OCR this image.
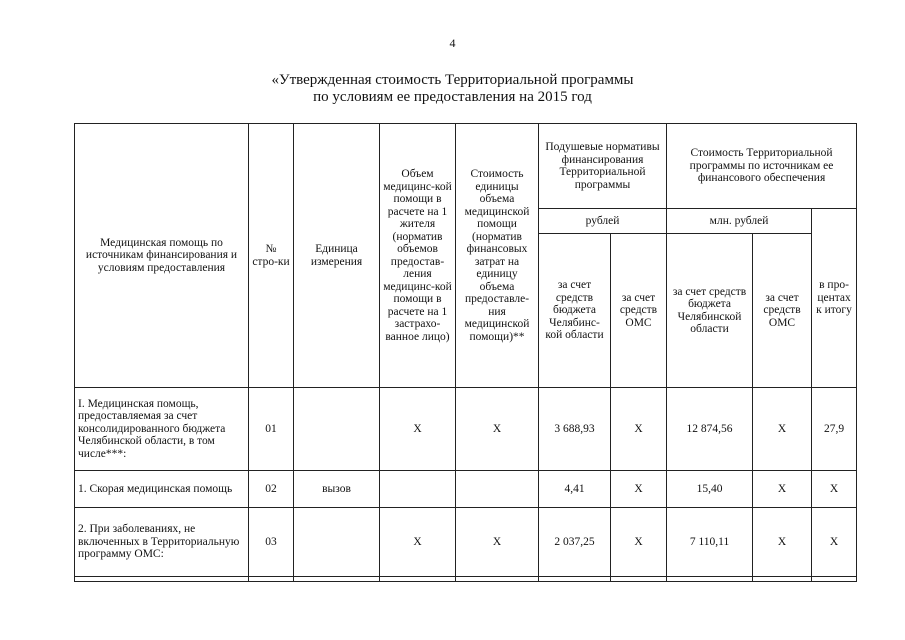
4
«Утвержденная стоимость Территориальной программы
по условиям ее предоставления на 2015 год
Медицинская помощь по источникам финансирования и условиям предоставления	№ стро-ки	Единица измерения	Объем медицинс-кой помощи в расчете на 1 жителя (норматив объемов предостав-ления медицинс-кой помощи в расчете на 1 застрахо-ванное лицо)	Стоимость единицы объема медицинской помощи (норматив финансовых затрат на единицу объема предоставле-ния медицинской помощи)**	Подушевые нормативы финансирования Территориальной программы		Стоимость Территориальной программы по источникам ее финансового обеспечения		
					рублей		млн. рублей		в про-центах к итогу
					за счет средств бюджета Челябинс-кой области	за счет средств ОМС	за счет средств бюджета Челябинской области	за счет средств ОМС	
I. Медицинская помощь, предоставляемая за счет консолидированного бюджета Челябинской области, в том числе***:	01		Х	Х	3 688,93	Х	12 874,56	Х	27,9
1. Скорая медицинская помощь	02	вызов			4,41	Х	15,40	Х	Х
2. При заболеваниях, не включенных в Территориальную программу ОМС:	03		Х	Х	2 037,25	Х	7 110,11	Х	Х
